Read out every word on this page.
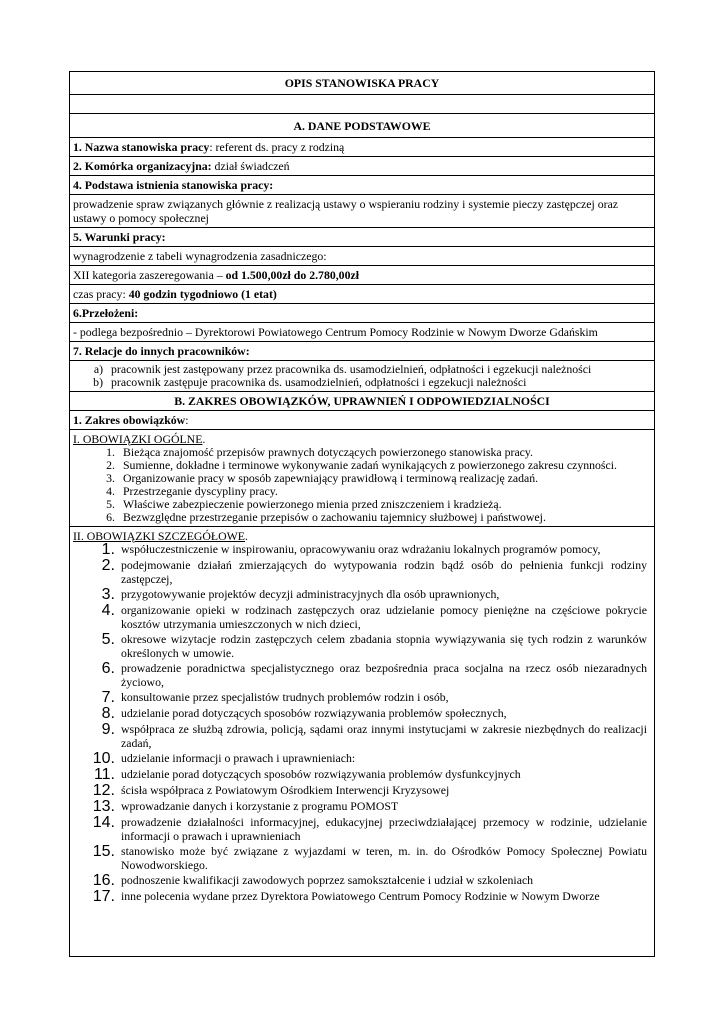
OPIS STANOWISKA PRACY
A. DANE PODSTAWOWE
1. Nazwa stanowiska pracy: referent ds. pracy z rodziną
2. Komórka organizacyjna: dział świadczeń
4. Podstawa istnienia stanowiska pracy:
prowadzenie spraw związanych głównie z realizacją ustawy o wspieraniu rodziny i systemie pieczy zastępczej oraz ustawy o pomocy społecznej
5. Warunki pracy:
wynagrodzenie z tabeli wynagrodzenia zasadniczego:
XII kategoria zaszeregowania – od 1.500,00zł do 2.780,00zł
czas pracy: 40 godzin tygodniowo (1 etat)
6.Przełożeni:
- podlega bezpośrednio – Dyrektorowi Powiatowego Centrum Pomocy Rodzinie w Nowym Dworze Gdańskim
7. Relacje do innych pracowników:
a) pracownik jest zastępowany przez pracownika ds. usamodzielnień, odpłatności i egzekucji należności
b) pracownik zastępuje pracownika ds. usamodzielnień, odpłatności i egzekucji należności
B. ZAKRES OBOWIĄZKÓW, UPRAWNIEŃ I ODPOWIEDZIALNOŚCI
1. Zakres obowiązków:
I. OBOWIĄZKI OGÓLNE.
1. Bieżąca znajomość przepisów prawnych dotyczących powierzonego stanowiska pracy.
2. Sumienne, dokładne i terminowe wykonywanie zadań wynikających z powierzonego zakresu czynności.
3. Organizowanie pracy w sposób zapewniający prawidłową i terminową realizację zadań.
4. Przestrzeganie dyscypliny pracy.
5. Właściwe zabezpieczenie powierzonego mienia przed zniszczeniem i kradzieżą.
6. Bezwzględne przestrzeganie przepisów o zachowaniu tajemnicy służbowej i państwowej.
II. OBOWIĄZKI SZCZEGÓŁOWE.
1. współuczestniczenie w inspirowaniu, opracowywaniu oraz wdrażaniu lokalnych programów pomocy,
2. podejmowanie działań zmierzających do wytypowania rodzin bądź osób do pełnienia funkcji rodziny zastępczej,
3. przygotowywanie projektów decyzji administracyjnych dla osób uprawnionych,
4. organizowanie opieki w rodzinach zastępczych oraz udzielanie pomocy pieniężne na częściowe pokrycie kosztów utrzymania umieszczonych w nich dzieci,
5. okresowe wizytacje rodzin zastępczych celem zbadania stopnia wywiązywania się tych rodzin z warunków określonych w umowie.
6. prowadzenie poradnictwa specjalistycznego oraz bezpośrednia praca socjalna na rzecz osób niezaradnych życiowo,
7. konsultowanie przez specjalistów trudnych problemów rodzin i osób,
8. udzielanie porad dotyczących sposobów rozwiązywania problemów społecznych,
9. współpraca ze służbą zdrowia, policją, sądami oraz innymi instytucjami w zakresie niezbędnych do realizacji zadań,
10. udzielanie informacji o prawach i uprawnieniach:
11. udzielanie porad dotyczących sposobów rozwiązywania problemów dysfunkcyjnych
12. ścisła współpraca z Powiatowym Ośrodkiem Interwencji Kryzysowej
13. wprowadzanie danych i korzystanie z programu POMOST
14. prowadzenie działalności informacyjnej, edukacyjnej przeciwdziałającej przemocy w rodzinie, udzielanie informacji o prawach i uprawnieniach
15. stanowisko może być związane z wyjazdami w teren, m. in. do Ośrodków Pomocy Społecznej Powiatu Nowodworskiego.
16. podnoszenie kwalifikacji zawodowych poprzez samokształcenie i udział w szkoleniach
17. inne polecenia wydane przez Dyrektora Powiatowego Centrum Pomocy Rodzinie w Nowym Dworze
